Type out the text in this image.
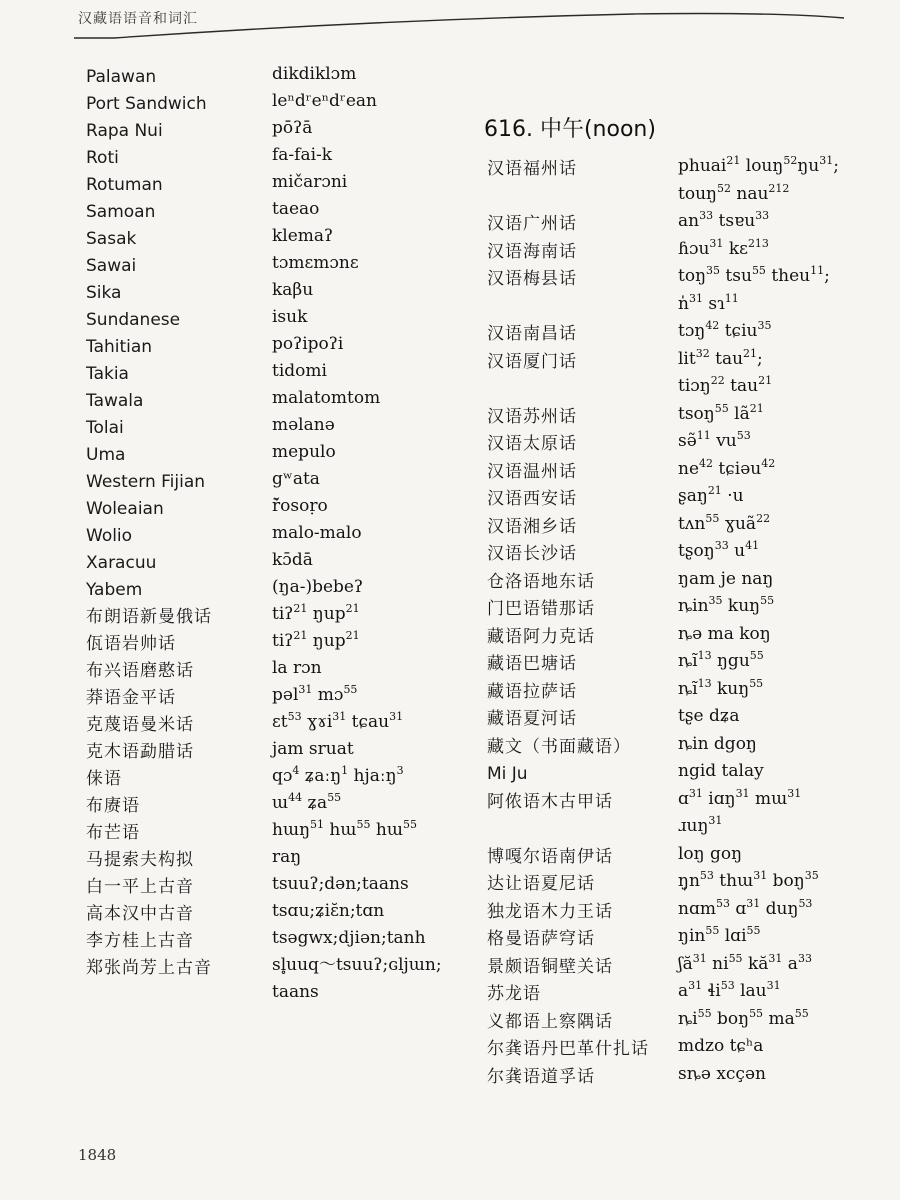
汉藏语语音和词汇
Palawan	dikdiklɔm
Port Sandwich	leⁿdʳeⁿdʳean
Rapa Nui	pōʔā
Roti	fa-fai-k
Rotuman	mičarɔni
Samoan	taeao
Sasak	klemaʔ
Sawai	tɔmɛmɔnɛ
Sika	kaβu
Sundanese	isuk
Tahitian	poʔipoʔi
Takia	tidomi
Tawala	malatomtom
Tolai	məlanə
Uma	mepulo
Western Fijian	gʷata
Woleaian	ř̄osoṛo
Wolio	malo-malo
Xaracuu	kɔ̄dā
Yabem	(ŋa-)bebeʔ
布朗语新曼俄话	tiʔ$^{21}$ ŋup$^{21}$
佤语岩帅话	tiʔ$^{21}$ ŋup$^{21}$
布兴语磨憨话	la rɔn
莽语金平话	pəl$^{31}$ mɔ$^{55}$
克蔑语曼米话	ɛt$^{53}$ ɣɤi$^{31}$ tɕau$^{31}$
克木语勐腊话	jam sruat
俫语	qɔ$^4$ ʑaːŋ$^1$ hjaːŋ$^3$
布赓语	ɯ$^{44}$ ʑa$^{55}$
布芒语	hɯŋ$^{51}$ hɯ$^{55}$ hɯ$^{55}$
马提索夫构拟	raŋ
白一平上古音	tsuuʔ;dən;taans
高本汉中古音	tsɑu;ʑiɛ̆n;tɑn
李方桂上古音	tsəgwx;djiən;tanh
郑张尚芳上古音	sl̥uuq～tsuuʔ;ɢljɯn;
taans
616. 中午(noon)
汉语福州话	phuai$^{21}$ $louŋ^{52}ŋu^{31}$;
touŋ$^{52}$ nau$^{212}$
汉语广州话	$an^{33}$ tsɐu$^{33}$
汉语海南话	ɦɔu$^{31}$ kɛ$^{213}$
汉语梅县话	toŋ$^{35}$ tsu$^{55}$ theu$^{11}$;
n̍$^{31}$ sɿ$^{11}$
汉语南昌话	tɔŋ$^{42}$ tɕiu$^{35}$
汉语厦门话	lit$^{32}$ tau$^{21}$;
tiɔŋ$^{22}$ tau$^{21}$
汉语苏州话	tsoŋ$^{55}$ $lã^{21}$
汉语太原话	sə̃$^{11}$ $vu^{53}$
汉语温州话	$ne^{42}$ tɕiəu$^{42}$
汉语西安话	ʂaŋ$^{21}$ ·u
汉语湘乡话	tʌn$^{55}$ ɣuã$^{22}$
汉语长沙话	tʂoŋ$^{33}$ $u^{41}$
仓洛语地东话	ŋam je naŋ
门巴语错那话	ȵin$^{35}$ kuŋ$^{55}$
藏语阿力克话	ȵə ma koŋ
藏语巴塘话	$ȵĩ^{13}$ ŋgu$^{55}$
藏语拉萨话	$ȵĩ^{13}$ kuŋ$^{55}$
藏语夏河话	tʂe dʑa
藏文（书面藏语）	ȵin dgoŋ
Mi Ju	ngid talay
阿侬语木古甲话	ɑ$^{31}$ iɑŋ$^{31}$ mɯ$^{31}$
ɹuŋ$^{31}$
博嘎尔语南伊话	loŋ goŋ
达让语夏尼话	$ŋ̩n^{53}$ thɯ$^{31}$ boŋ$^{35}$
独龙语木力王话	nɑm$^{53}$ ɑ$^{31}$ duŋ$^{53}$
格曼语萨穹话	ŋin$^{55}$ lɑi$^{55}$
景颇语铜壁关话	ʃă$^{31}$ $ni^{55}$ $kă^{31}$ $a^{33}$
苏龙语	$a^{31}$ ɬi$^{53}$ lau$^{31}$
义都语上察隅话	$ȵi^{55}$ boŋ$^{55}$ $ma^{55}$
尔龚语丹巴革什扎话 mdzo tɕʰa
尔龚语道孚话	sȵə xcçən
1848
